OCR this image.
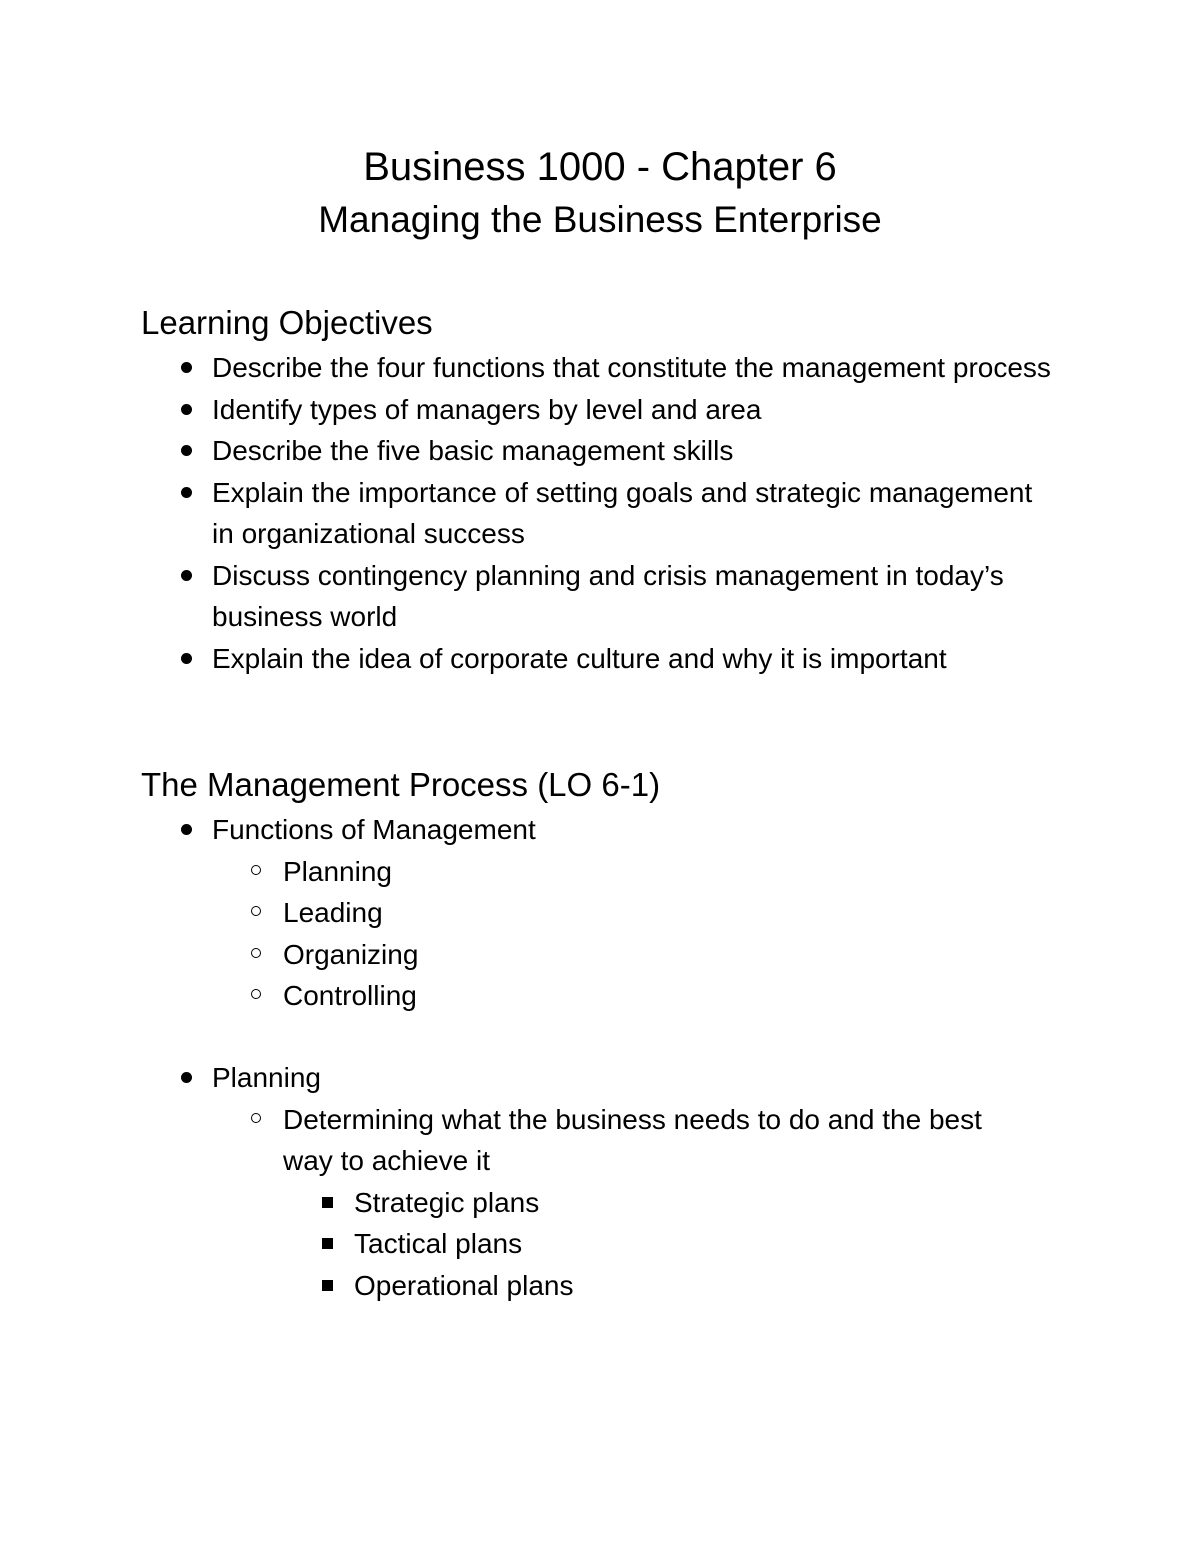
Business 1000 - Chapter 6
Managing the Business Enterprise
Learning Objectives
Describe the four functions that constitute the management process
Identify types of managers by level and area
Describe the five basic management skills
Explain the importance of setting goals and strategic management in organizational success
Discuss contingency planning and crisis management in today’s business world
Explain the idea of corporate culture and why it is important
The Management Process (LO 6-1)
Functions of Management
Planning
Leading
Organizing
Controlling
Planning
Determining what the business needs to do and the best way to achieve it
Strategic plans
Tactical plans
Operational plans
